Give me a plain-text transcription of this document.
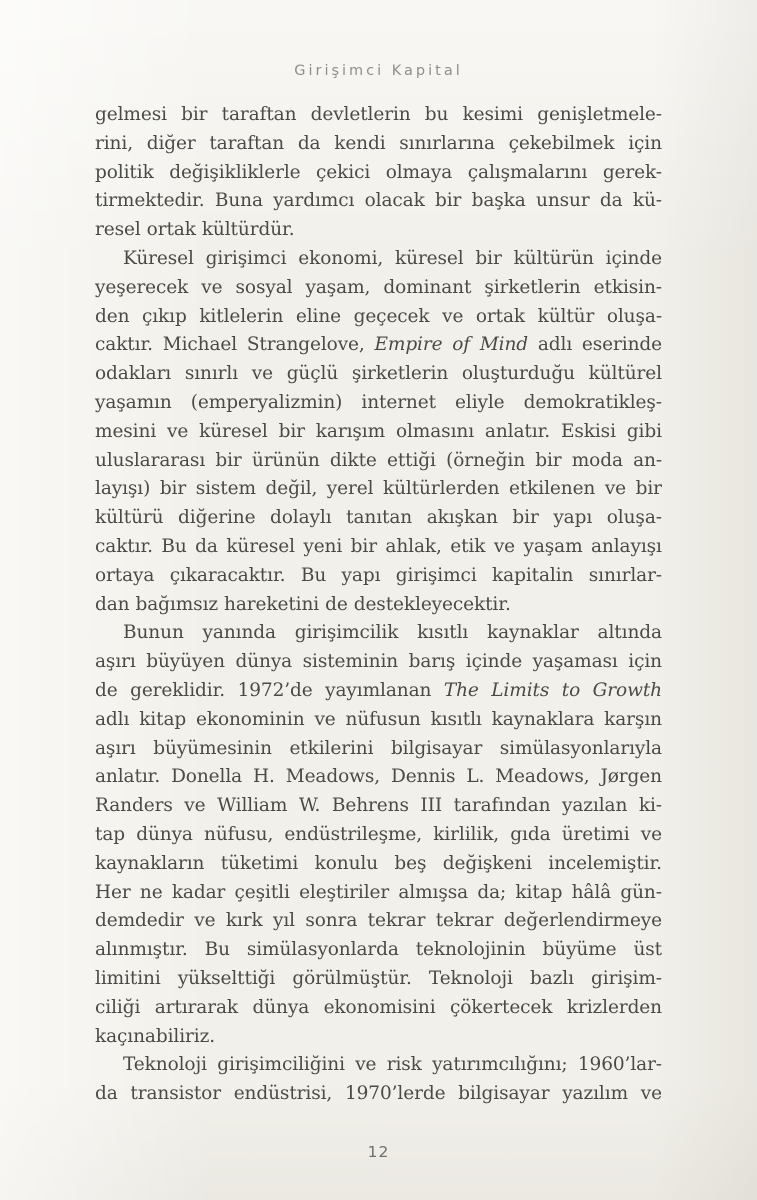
Girişimci Kapital
gelmesi bir taraftan devletlerin bu kesimi genişletmele-
rini, diğer taraftan da kendi sınırlarına çekebilmek için
politik değişikliklerle çekici olmaya çalışmalarını gerek-
tirmektedir. Buna yardımcı olacak bir başka unsur da kü-
resel ortak kültürdür.
Küresel girişimci ekonomi, küresel bir kültürün içinde
yeşerecek ve sosyal yaşam, dominant şirketlerin etkisin-
den çıkıp kitlelerin eline geçecek ve ortak kültür oluşa-
caktır. Michael Strangelove, Empire of Mind adlı eserinde
odakları sınırlı ve güçlü şirketlerin oluşturduğu kültürel
yaşamın (emperyalizmin) internet eliyle demokratikleş-
mesini ve küresel bir karışım olmasını anlatır. Eskisi gibi
uluslararası bir ürünün dikte ettiği (örneğin bir moda an-
layışı) bir sistem değil, yerel kültürlerden etkilenen ve bir
kültürü diğerine dolaylı tanıtan akışkan bir yapı oluşa-
caktır. Bu da küresel yeni bir ahlak, etik ve yaşam anlayışı
ortaya çıkaracaktır. Bu yapı girişimci kapitalin sınırlar-
dan bağımsız hareketini de destekleyecektir.
Bunun yanında girişimcilik kısıtlı kaynaklar altında
aşırı büyüyen dünya sisteminin barış içinde yaşaması için
de gereklidir. 1972’de yayımlanan The Limits to Growth
adlı kitap ekonominin ve nüfusun kısıtlı kaynaklara karşın
aşırı büyümesinin etkilerini bilgisayar simülasyonlarıyla
anlatır. Donella H. Meadows, Dennis L. Meadows, Jørgen
Randers ve William W. Behrens III tarafından yazılan ki-
tap dünya nüfusu, endüstrileşme, kirlilik, gıda üretimi ve
kaynakların tüketimi konulu beş değişkeni incelemiştir.
Her ne kadar çeşitli eleştiriler almışsa da; kitap hâlâ gün-
demdedir ve kırk yıl sonra tekrar tekrar değerlendirmeye
alınmıştır. Bu simülasyonlarda teknolojinin büyüme üst
limitini yükselttiği görülmüştür. Teknoloji bazlı girişim-
ciliği artırarak dünya ekonomisini çökertecek krizlerden
kaçınabiliriz.
Teknoloji girişimciliğini ve risk yatırımcılığını; 1960’lar-
da transistor endüstrisi, 1970’lerde bilgisayar yazılım ve
12
